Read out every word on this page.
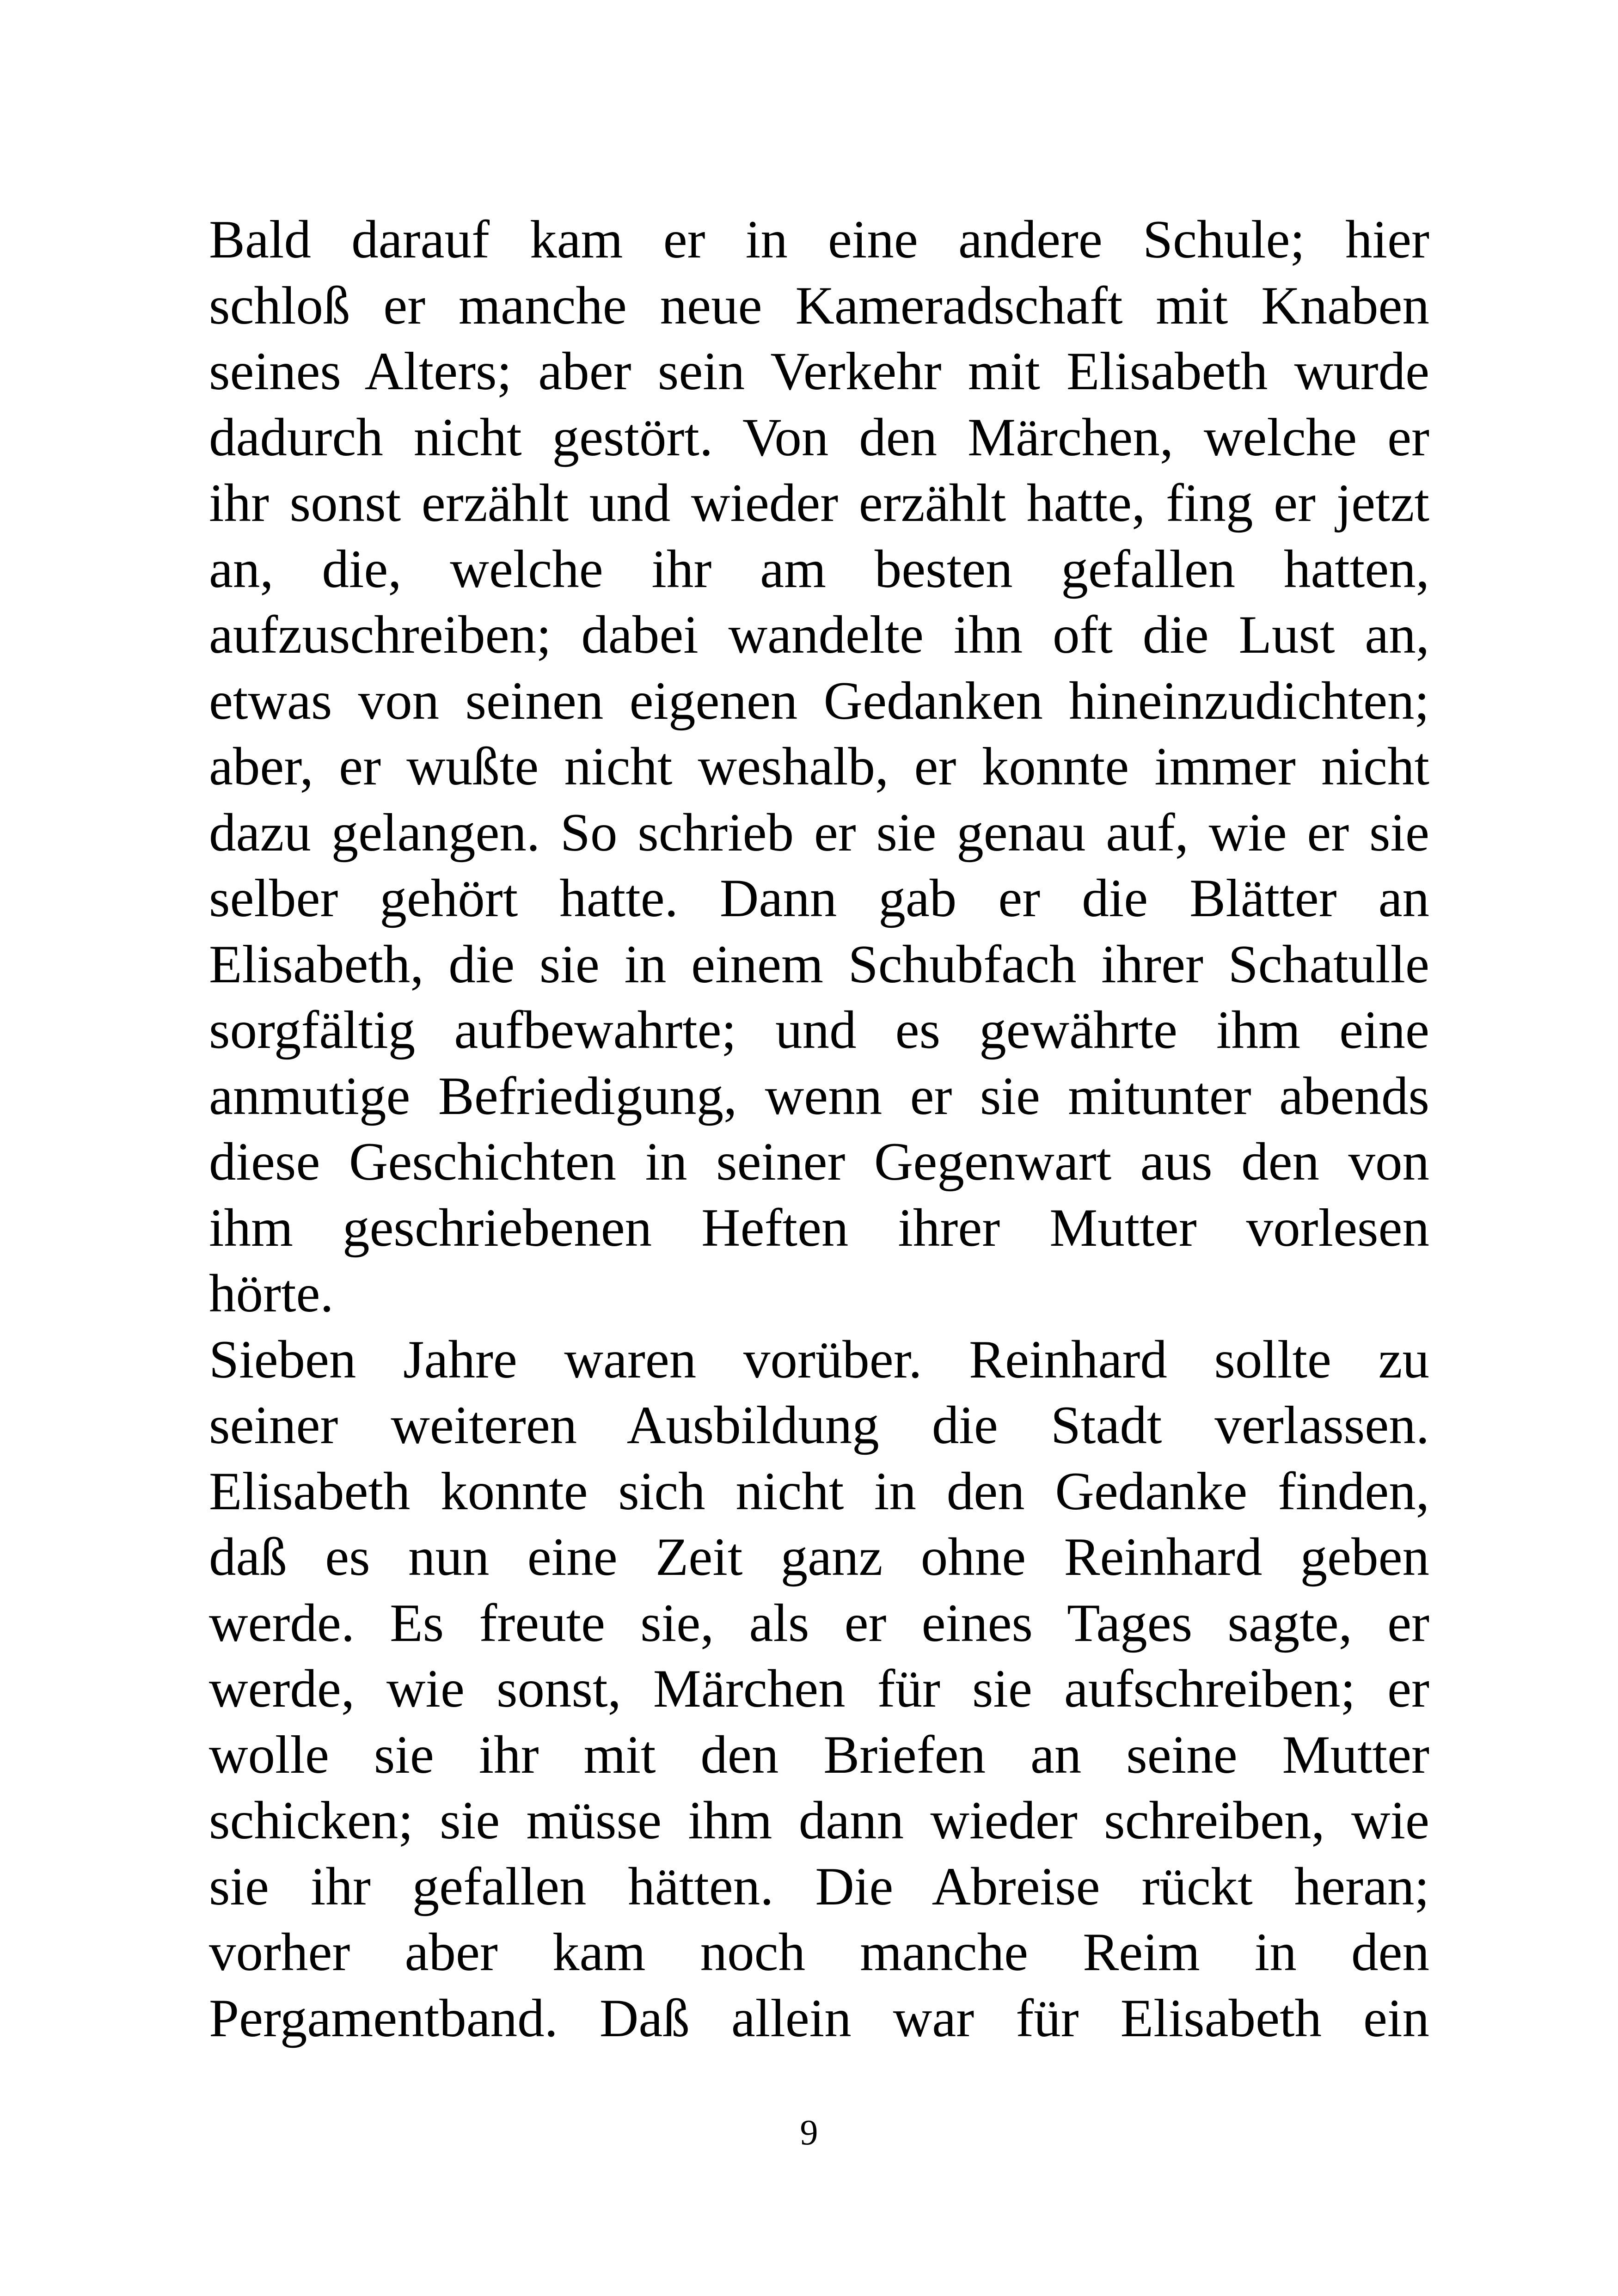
Bald darauf kam er in eine andere Schule; hier
schloß er manche neue Kameradschaft mit Knaben
seines Alters; aber sein Verkehr mit Elisabeth wurde
dadurch nicht gestört. Von den Märchen, welche er
ihr sonst erzählt und wieder erzählt hatte, fing er jetzt
an, die, welche ihr am besten gefallen hatten,
aufzuschreiben; dabei wandelte ihn oft die Lust an,
etwas von seinen eigenen Gedanken hineinzudichten;
aber, er wußte nicht weshalb, er konnte immer nicht
dazu gelangen. So schrieb er sie genau auf, wie er sie
selber gehört hatte. Dann gab er die Blätter an
Elisabeth, die sie in einem Schubfach ihrer Schatulle
sorgfältig aufbewahrte; und es gewährte ihm eine
anmutige Befriedigung, wenn er sie mitunter abends
diese Geschichten in seiner Gegenwart aus den von
ihm geschriebenen Heften ihrer Mutter vorlesen
hörte.
Sieben Jahre waren vorüber. Reinhard sollte zu
seiner weiteren Ausbildung die Stadt verlassen.
Elisabeth konnte sich nicht in den Gedanke finden,
daß es nun eine Zeit ganz ohne Reinhard geben
werde. Es freute sie, als er eines Tages sagte, er
werde, wie sonst, Märchen für sie aufschreiben; er
wolle sie ihr mit den Briefen an seine Mutter
schicken; sie müsse ihm dann wieder schreiben, wie
sie ihr gefallen hätten. Die Abreise rückt heran;
vorher aber kam noch manche Reim in den
Pergamentband. Daß allein war für Elisabeth ein
9
